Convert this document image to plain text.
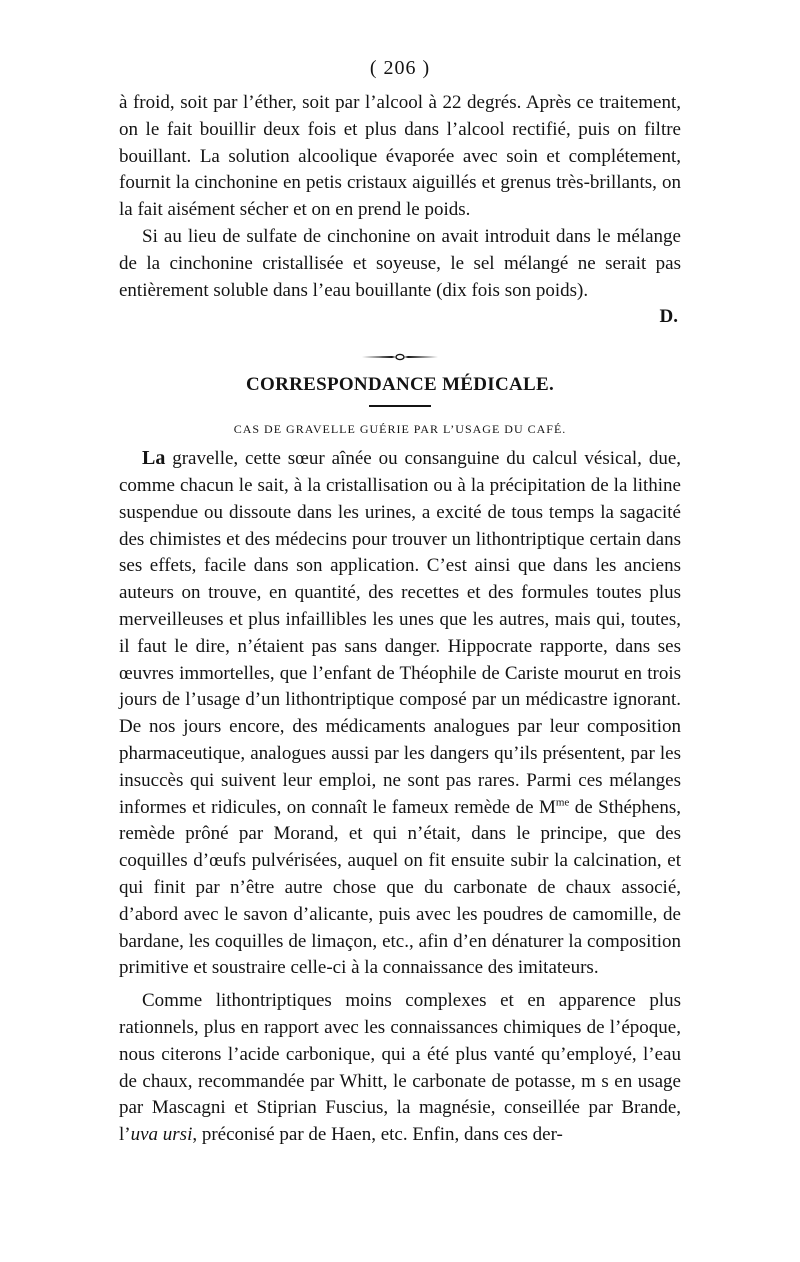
( 206 )

à froid, soit par l’éther, soit par l’alcool à 22 degrés. Après ce traitement, on le fait bouillir deux fois et plus dans l’alcool rectifié, puis on filtre bouillant. La solution alcoolique évaporée avec soin et complétement, fournit la cinchonine en petis cristaux aiguillés et grenus très-brillants, on la fait aisément sécher et on en prend le poids.

Si au lieu de sulfate de cinchonine on avait introduit dans le mélange de la cinchonine cristallisée et soyeuse, le sel mélangé ne serait pas entièrement soluble dans l’eau bouillante (dix fois son poids).

D.
CORRESPONDANCE MÉDICALE.
CAS DE GRAVELLE GUÉRIE PAR L’USAGE DU CAFÉ.

La gravelle, cette sœur aînée ou consanguine du calcul vésical, due, comme chacun le sait, à la cristallisation ou à la précipitation de la lithine suspendue ou dissoute dans les urines, a excité de tous temps la sagacité des chimistes et des médecins pour trouver un lithontriptique certain dans ses effets, facile dans son application. C’est ainsi que dans les anciens auteurs on trouve, en quantité, des recettes et des formules toutes plus merveilleuses et plus infaillibles les unes que les autres, mais qui, toutes, il faut le dire, n’étaient pas sans danger. Hippocrate rapporte, dans ses œuvres immortelles, que l’enfant de Théophile de Cariste mourut en trois jours de l’usage d’un lithontriptique composé par un médicastre ignorant. De nos jours encore, des médicaments analogues par leur composition pharmaceutique, analogues aussi par les dangers qu’ils présentent, par les insuccès qui suivent leur emploi, ne sont pas rares. Parmi ces mélanges informes et ridicules, on connaît le fameux remède de $M^{me}$ de Sthéphens, remède prôné par Morand, et qui n’était, dans le principe, que des coquilles d’œufs pulvérisées, auquel on fit ensuite subir la calcination, et qui finit par n’être autre chose que du carbonate de chaux associé, d’abord avec le savon d’alicante, puis avec les poudres de camomille, de bardane, les coquilles de limaçon, etc., afin d’en dénaturer la composition primitive et soustraire celle-ci à la connaissance des imitateurs.

Comme lithontriptiques moins complexes et en apparence plus rationnels, plus en rapport avec les connaissances chimiques de l’époque, nous citerons l’acide carbonique, qui a été plus vanté qu’employé, l’eau de chaux, recommandée par Whitt, le carbonate de potasse, m s en usage par Mascagni et Stiprian Fuscius, la magnésie, conseillée par Brande, l’uva ursi, préconisé par de Haen, etc. Enfin, dans ces der-
